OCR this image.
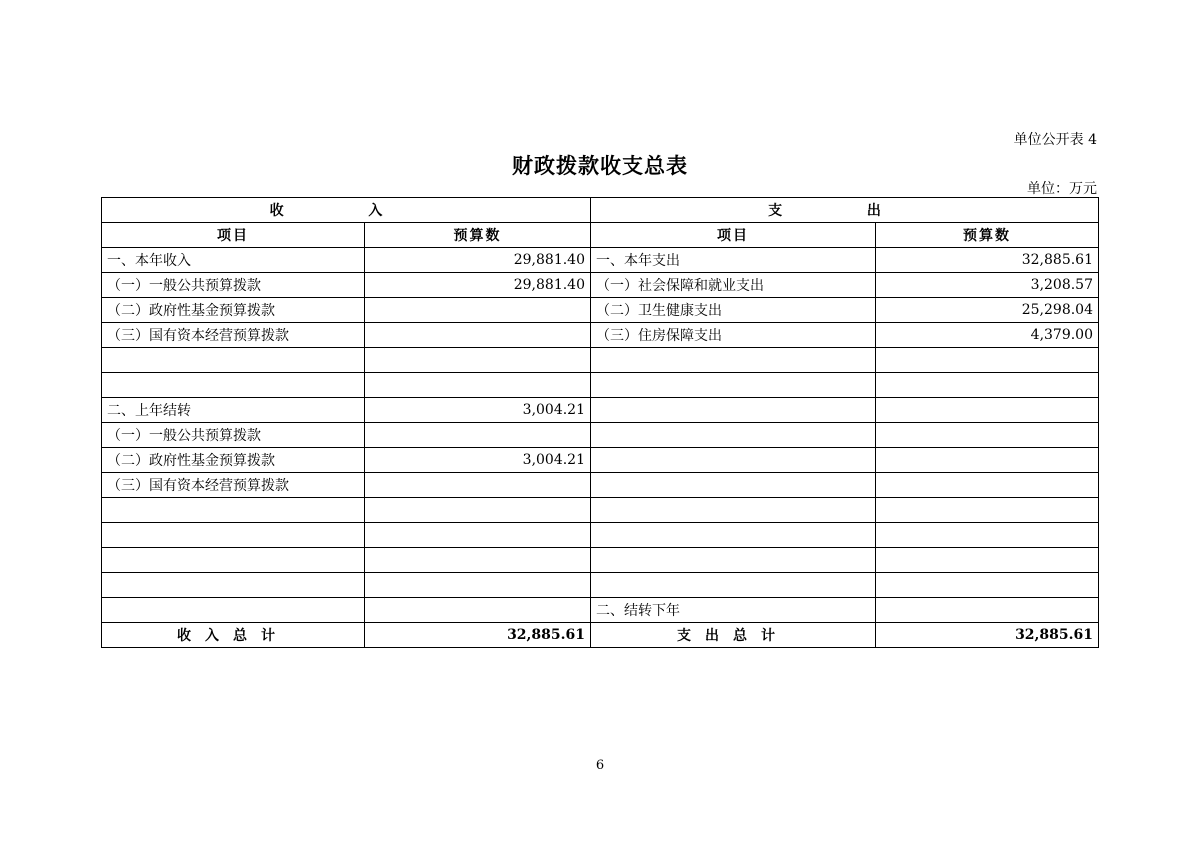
单位公开表 4
财政拨款收支总表
单位：万元
收 入		支 出	
项目	预算数	项目	预算数
一、本年收入	29,881.40	一、本年支出	32,885.61
（一）一般公共预算拨款	29,881.40	（一）社会保障和就业支出	3,208.57
（二）政府性基金预算拨款		（二）卫生健康支出	25,298.04
（三）国有资本经营预算拨款		（三）住房保障支出	4,379.00

二、上年结转	3,004.21		
（一）一般公共预算拨款			
（二）政府性基金预算拨款	3,004.21		
（三）国有资本经营预算拨款			

		二、结转下年	
收入总计	32,885.61	支出总计	32,885.61
6
